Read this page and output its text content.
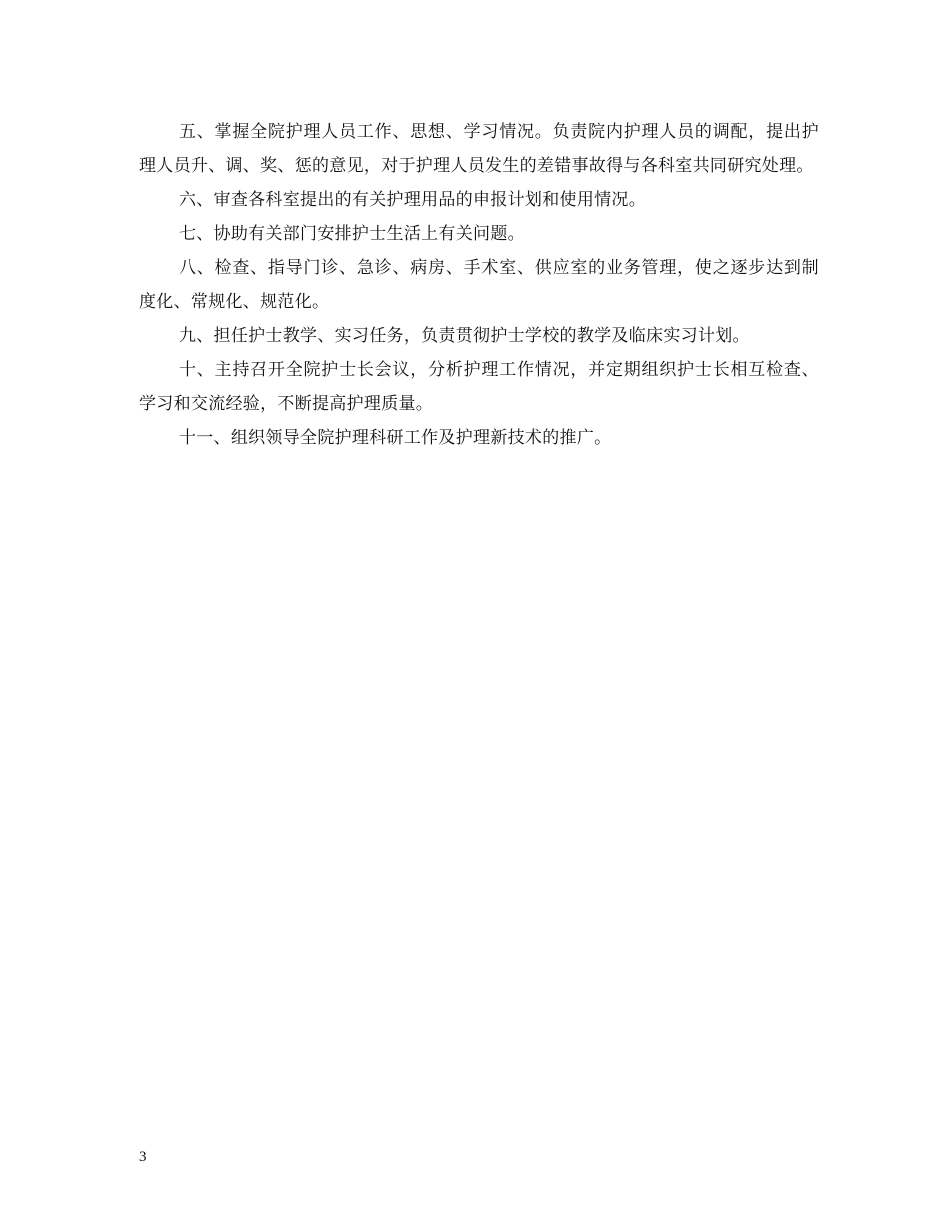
五、掌握全院护理人员工作、思想、学习情况。负责院内护理人员的调配，提出护理人员升、调、奖、惩的意见，对于护理人员发生的差错事故得与各科室共同研究处理。

六、审查各科室提出的有关护理用品的申报计划和使用情况。

七、协助有关部门安排护士生活上有关问题。

八、检查、指导门诊、急诊、病房、手术室、供应室的业务管理，使之逐步达到制度化、常规化、规范化。

九、担任护士教学、实习任务，负责贯彻护士学校的教学及临床实习计划。

十、主持召开全院护士长会议，分析护理工作情况，并定期组织护士长相互检查、学习和交流经验，不断提高护理质量。

十一、组织领导全院护理科研工作及护理新技术的推广。

3
